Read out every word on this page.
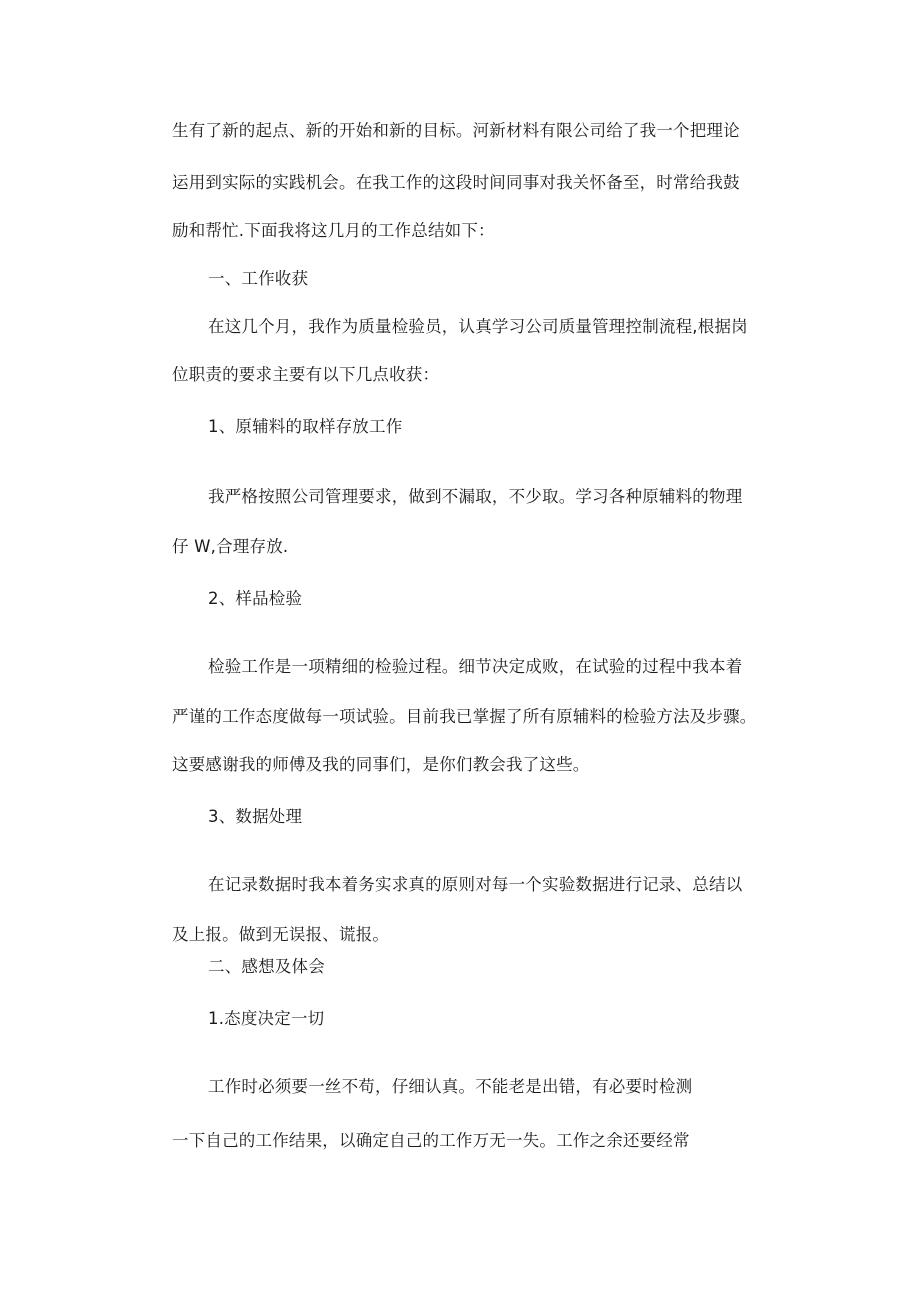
生有了新的起点、新的开始和新的目标。河新材料有限公司给了我一个把理论
运用到实际的实践机会。在我工作的这段时间同事对我关怀备至，时常给我鼓
励和帮忙.下面我将这几月的工作总结如下：
一、工作收获
在这几个月，我作为质量检验员，认真学习公司质量管理控制流程,根据岗
位职责的要求主要有以下几点收获：
1、原辅料的取样存放工作
我严格按照公司管理要求，做到不漏取，不少取。学习各种原辅料的物理
仔 W,合理存放.
2、样品检验
检验工作是一项精细的检验过程。细节决定成败，在试验的过程中我本着
严谨的工作态度做每一项试验。目前我已掌握了所有原辅料的检验方法及步骤。
这要感谢我的师傅及我的同事们，是你们教会我了这些。
3、数据处理
在记录数据时我本着务实求真的原则对每一个实验数据进行记录、总结以
及上报。做到无误报、谎报。
二、感想及体会
1.态度决定一切
工作时必须要一丝不苟，仔细认真。不能老是出错，有必要时检测
一下自己的工作结果，以确定自己的工作万无一失。工作之余还要经常
